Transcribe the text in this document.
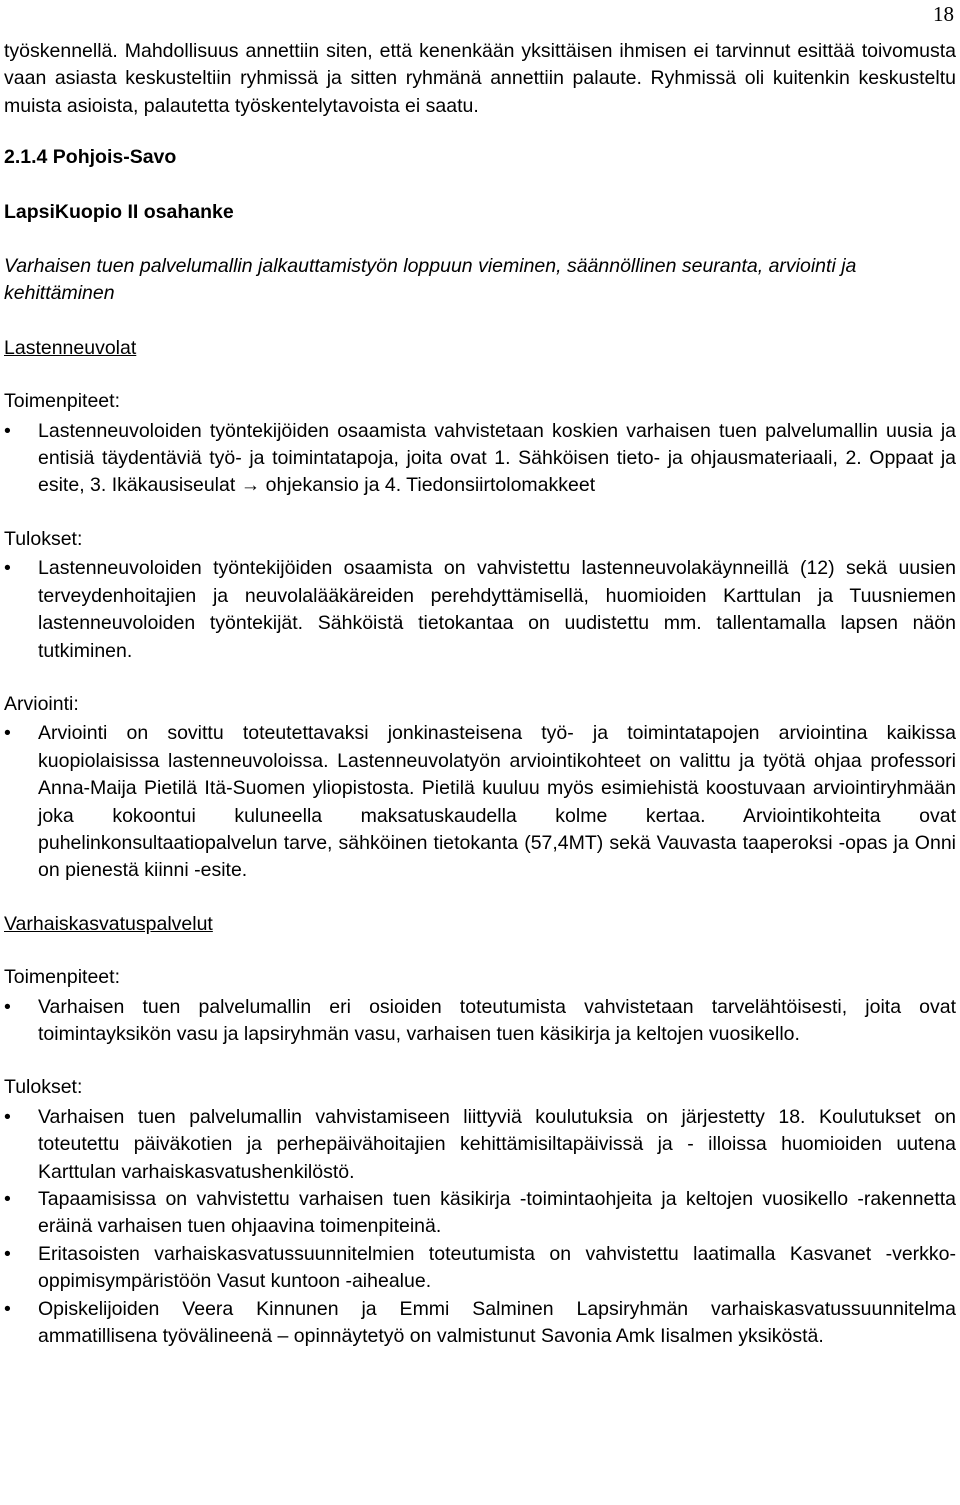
18

työskennellä. Mahdollisuus annettiin siten, että kenenkään yksittäisen ihmisen ei tarvinnut esittää toivomusta vaan asiasta keskusteltiin ryhmissä ja sitten ryhmänä annettiin palaute. Ryhmissä oli kuitenkin keskusteltu muista asioista, palautetta työskentelytavoista ei saatu.

2.1.4 Pohjois-Savo

LapsiKuopio II osahanke

Varhaisen tuen palvelumallin jalkauttamistyön loppuun vieminen, säännöllinen seuranta, arviointi ja kehittäminen

Lastenneuvolat

Toimenpiteet:

• Lastenneuvoloiden työntekijöiden osaamista vahvistetaan koskien varhaisen tuen palvelumallin uusia ja entisiä täydentäviä työ- ja toimintatapoja, joita ovat 1. Sähköisen tieto- ja ohjausmateriaali, 2. Oppaat ja esite, 3. Ikäkausiseulat → ohjekansio ja 4. Tiedonsiirtolomakkeet

Tulokset:

• Lastenneuvoloiden työntekijöiden osaamista on vahvistettu lastenneuvolakäynneillä (12) sekä uusien terveydenhoitajien ja neuvolalääkäreiden perehdyttämisellä, huomioiden Karttulan ja Tuusniemen lastenneuvoloiden työntekijät. Sähköistä tietokantaa on uudistettu mm. tallentamalla lapsen näön tutkiminen.

Arviointi:

• Arviointi on sovittu toteutettavaksi jonkinasteisena työ- ja toimintatapojen arviointina kaikissa kuopiolaisissa lastenneuvoloissa. Lastenneuvolatyön arviointikohteet on valittu ja työtä ohjaa professori Anna-Maija Pietilä Itä-Suomen yliopistosta. Pietilä kuuluu myös esimiehistä koostuvaan arviointiryhmään joka kokoontui kuluneella maksatuskaudella kolme kertaa. Arviointikohteita ovat puhelinkonsultaatiopalvelun tarve, sähköinen tietokanta (57,4MT) sekä Vauvasta taaperoksi -opas ja Onni on pienestä kiinni -esite.

Varhaiskasvatuspalvelut

Toimenpiteet:

• Varhaisen tuen palvelumallin eri osioiden toteutumista vahvistetaan tarvelähtöisesti, joita ovat toimintayksikön vasu ja lapsiryhmän vasu, varhaisen tuen käsikirja ja keltojen vuosikello.

Tulokset:

• Varhaisen tuen palvelumallin vahvistamiseen liittyviä koulutuksia on järjestetty 18. Koulutukset on toteutettu päiväkotien ja perhepäivähoitajien kehittämisiltapäivissä ja - illoissa huomioiden uutena Karttulan varhaiskasvatushenkilöstö.
• Tapaamisissa on vahvistettu varhaisen tuen käsikirja -toimintaohjeita ja keltojen vuosikello -rakennetta eräinä varhaisen tuen ohjaavina toimenpiteinä.
• Eritasoisten varhaiskasvatussuunnitelmien toteutumista on vahvistettu laatimalla Kasvanet -verkko-oppimisympäristöön Vasut kuntoon -aihealue.
• Opiskelijoiden Veera Kinnunen ja Emmi Salminen Lapsiryhmän varhaiskasvatussuunnitelma ammatillisena työvälineenä – opinnäytetyö on valmistunut Savonia Amk Iisalmen yksiköstä.
